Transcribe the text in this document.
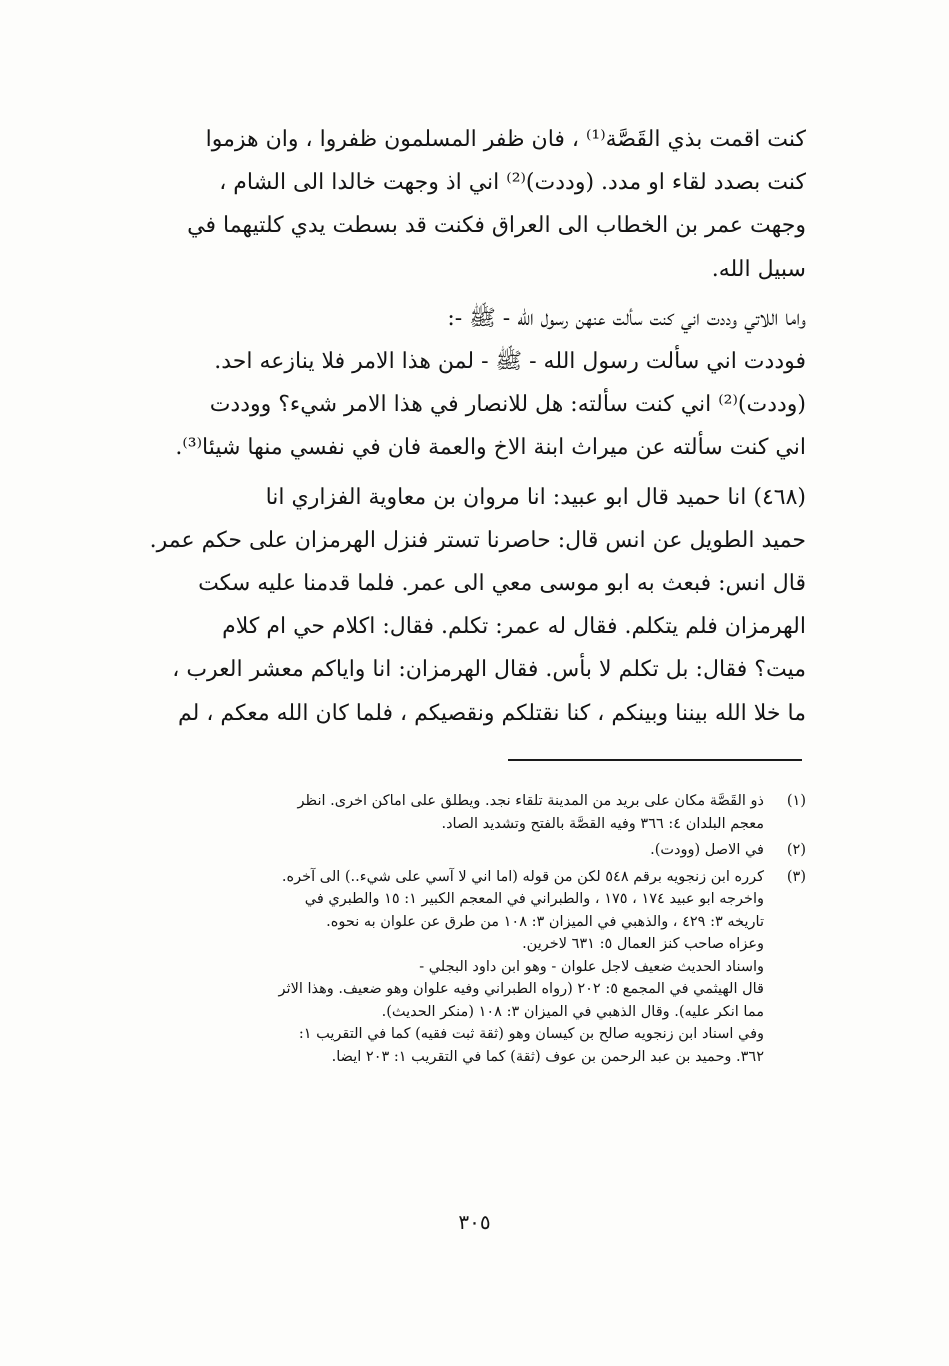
كنت اقمت بذي القَصَّة⁽¹⁾ ، فان ظفر المسلمون ظفروا ، وان هزموا
كنت بصدد لقاء او مدد. (وددت)⁽²⁾ اني اذ وجهت خالدا الى الشام ،
وجهت عمر بن الخطاب الى العراق فكنت قد بسطت يدي كلتيهما في
سبيل الله.

واما اللاتي وددت اني كنت سألت عنهن رسول الله - ﷺ -:
فوددت اني سألت رسول الله - ﷺ - لمن هذا الامر فلا ينازعه احد.
(وددت)⁽²⁾ اني كنت سألته: هل للانصار في هذا الامر شيء؟ ووددت
اني كنت سألته عن ميراث ابنة الاخ والعمة فان في نفسي منها شيئا⁽³⁾.

(٤٦٨) انا حميد قال ابو عبيد: انا مروان بن معاوية الفزاري انا
حميد الطويل عن انس قال: حاصرنا تستر فنزل الهرمزان على حكم عمر.
قال انس: فبعث به ابو موسى معي الى عمر. فلما قدمنا عليه سكت
الهرمزان فلم يتكلم. فقال له عمر: تكلم. فقال: اكلام حي ام كلام
ميت؟ فقال: بل تكلم لا بأس. فقال الهرمزان: انا واياكم معشر العرب ،
ما خلا الله بيننا وبينكم ، كنا نقتلكم ونقصيكم ، فلما كان الله معكم ، لم

(١)
ذو القَصَّة مكان على بريد من المدينة تلقاء نجد. ويطلق على اماكن اخرى. انظر
معجم البلدان ٤: ٣٦٦ وفيه القصَّة بالفتح وتشديد الصاد.
(٢)
في الاصل (وودت).
(٣)
كرره ابن زنجويه برقم ٥٤٨ لكن من قوله (اما اني لا آسي على شيء..) الى آخره.
واخرجه ابو عبيد ١٧٤ ، ١٧٥ ، والطبراني في المعجم الكبير ١: ١٥ والطبري في
تاريخه ٣: ٤٢٩ ، والذهبي في الميزان ٣: ١٠٨ من طرق عن علوان به نحوه.
وعزاه صاحب كنز العمال ٥: ٦٣١ لاخرين.
واسناد الحديث ضعيف لاجل علوان - وهو ابن داود البجلي -
قال الهيثمي في المجمع ٥: ٢٠٢ (رواه الطبراني وفيه علوان وهو ضعيف. وهذا الاثر
مما انكر عليه). وقال الذهبي في الميزان ٣: ١٠٨ (منكر الحديث).
وفي اسناد ابن زنجويه صالح بن كيسان وهو (ثقة ثبت فقيه) كما في التقريب ١:
٣٦٢. وحميد بن عبد الرحمن بن عوف (ثقة) كما في التقريب ١: ٢٠٣ ايضا.
٣٠٥
